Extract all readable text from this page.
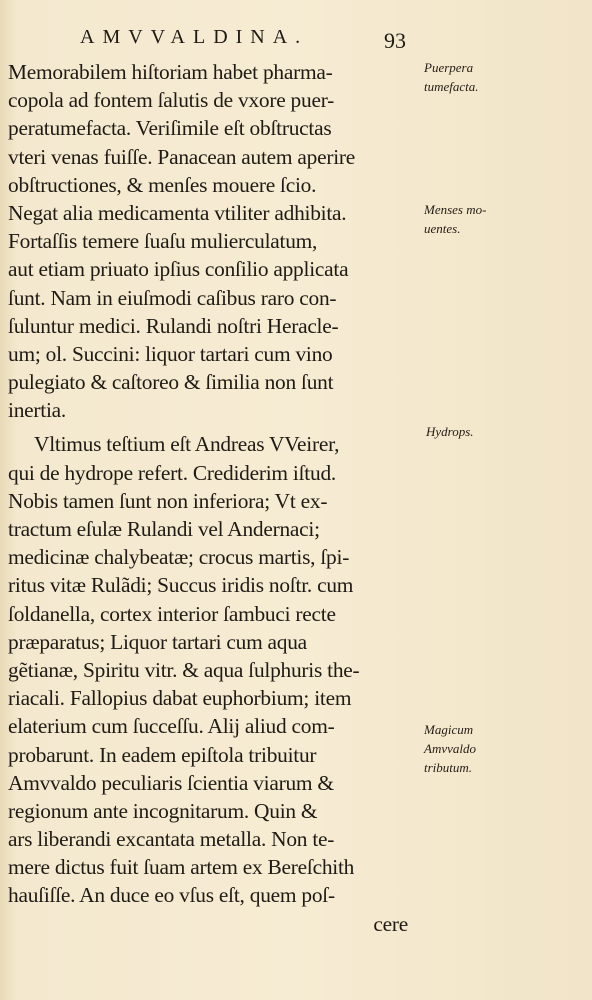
AMVVALDINA.	93
Puerpera
tumefacta.
Menses mo-
uentes.
Hydrops.
Magicum
Amvvaldo
tributum.
Memorabilem hiſtoriam habet pharma-
copola ad fontem ſalutis de vxore puer-
peratumefacta. Veriſimile eſt obſtructas
vteri venas fuiſſe. Panacean autem aperire
obſtructiones, & menſes mouere ſcio.
Negat alia medicamenta vtiliter adhibita.
Fortaſſis temere ſuaſu mulierculatum,
aut etiam priuato ipſius conſilio applicata
ſunt. Nam in eiuſmodi caſibus raro con-
ſuluntur medici. Rulandi noſtri Heracle-
um; ol. Succini: liquor tartari cum vino
pulegiato & caſtoreo & ſimilia non ſunt
inertia.
Vltimus teſtium eſt Andreas VVeirer,
qui de hydrope refert. Crediderim iſtud.
Nobis tamen ſunt non inferiora; Vt ex-
tractum eſulæ Rulandi vel Andernaci;
medicinæ chalybeatæ; crocus martis, ſpi-
ritus vitæ Rulãdi; Succus iridis noſtr. cum
ſoldanella, cortex interior ſambuci recte
præparatus; Liquor tartari cum aqua
gẽtianæ, Spiritu vitr. & aqua ſulphuris the-
riacali. Fallopius dabat euphorbium; item
elaterium cum ſucceſſu. Alij aliud com-
probarunt. In eadem epiſtola tribuitur
Amvvaldo peculiaris ſcientia viarum &
regionum ante incognitarum. Quin &
ars liberandi excantata metalla. Non te-
mere dictus fuit ſuam artem ex Bereſchith
hauſiſſe. An duce eo vſus eſt, quem poſ-
cere
